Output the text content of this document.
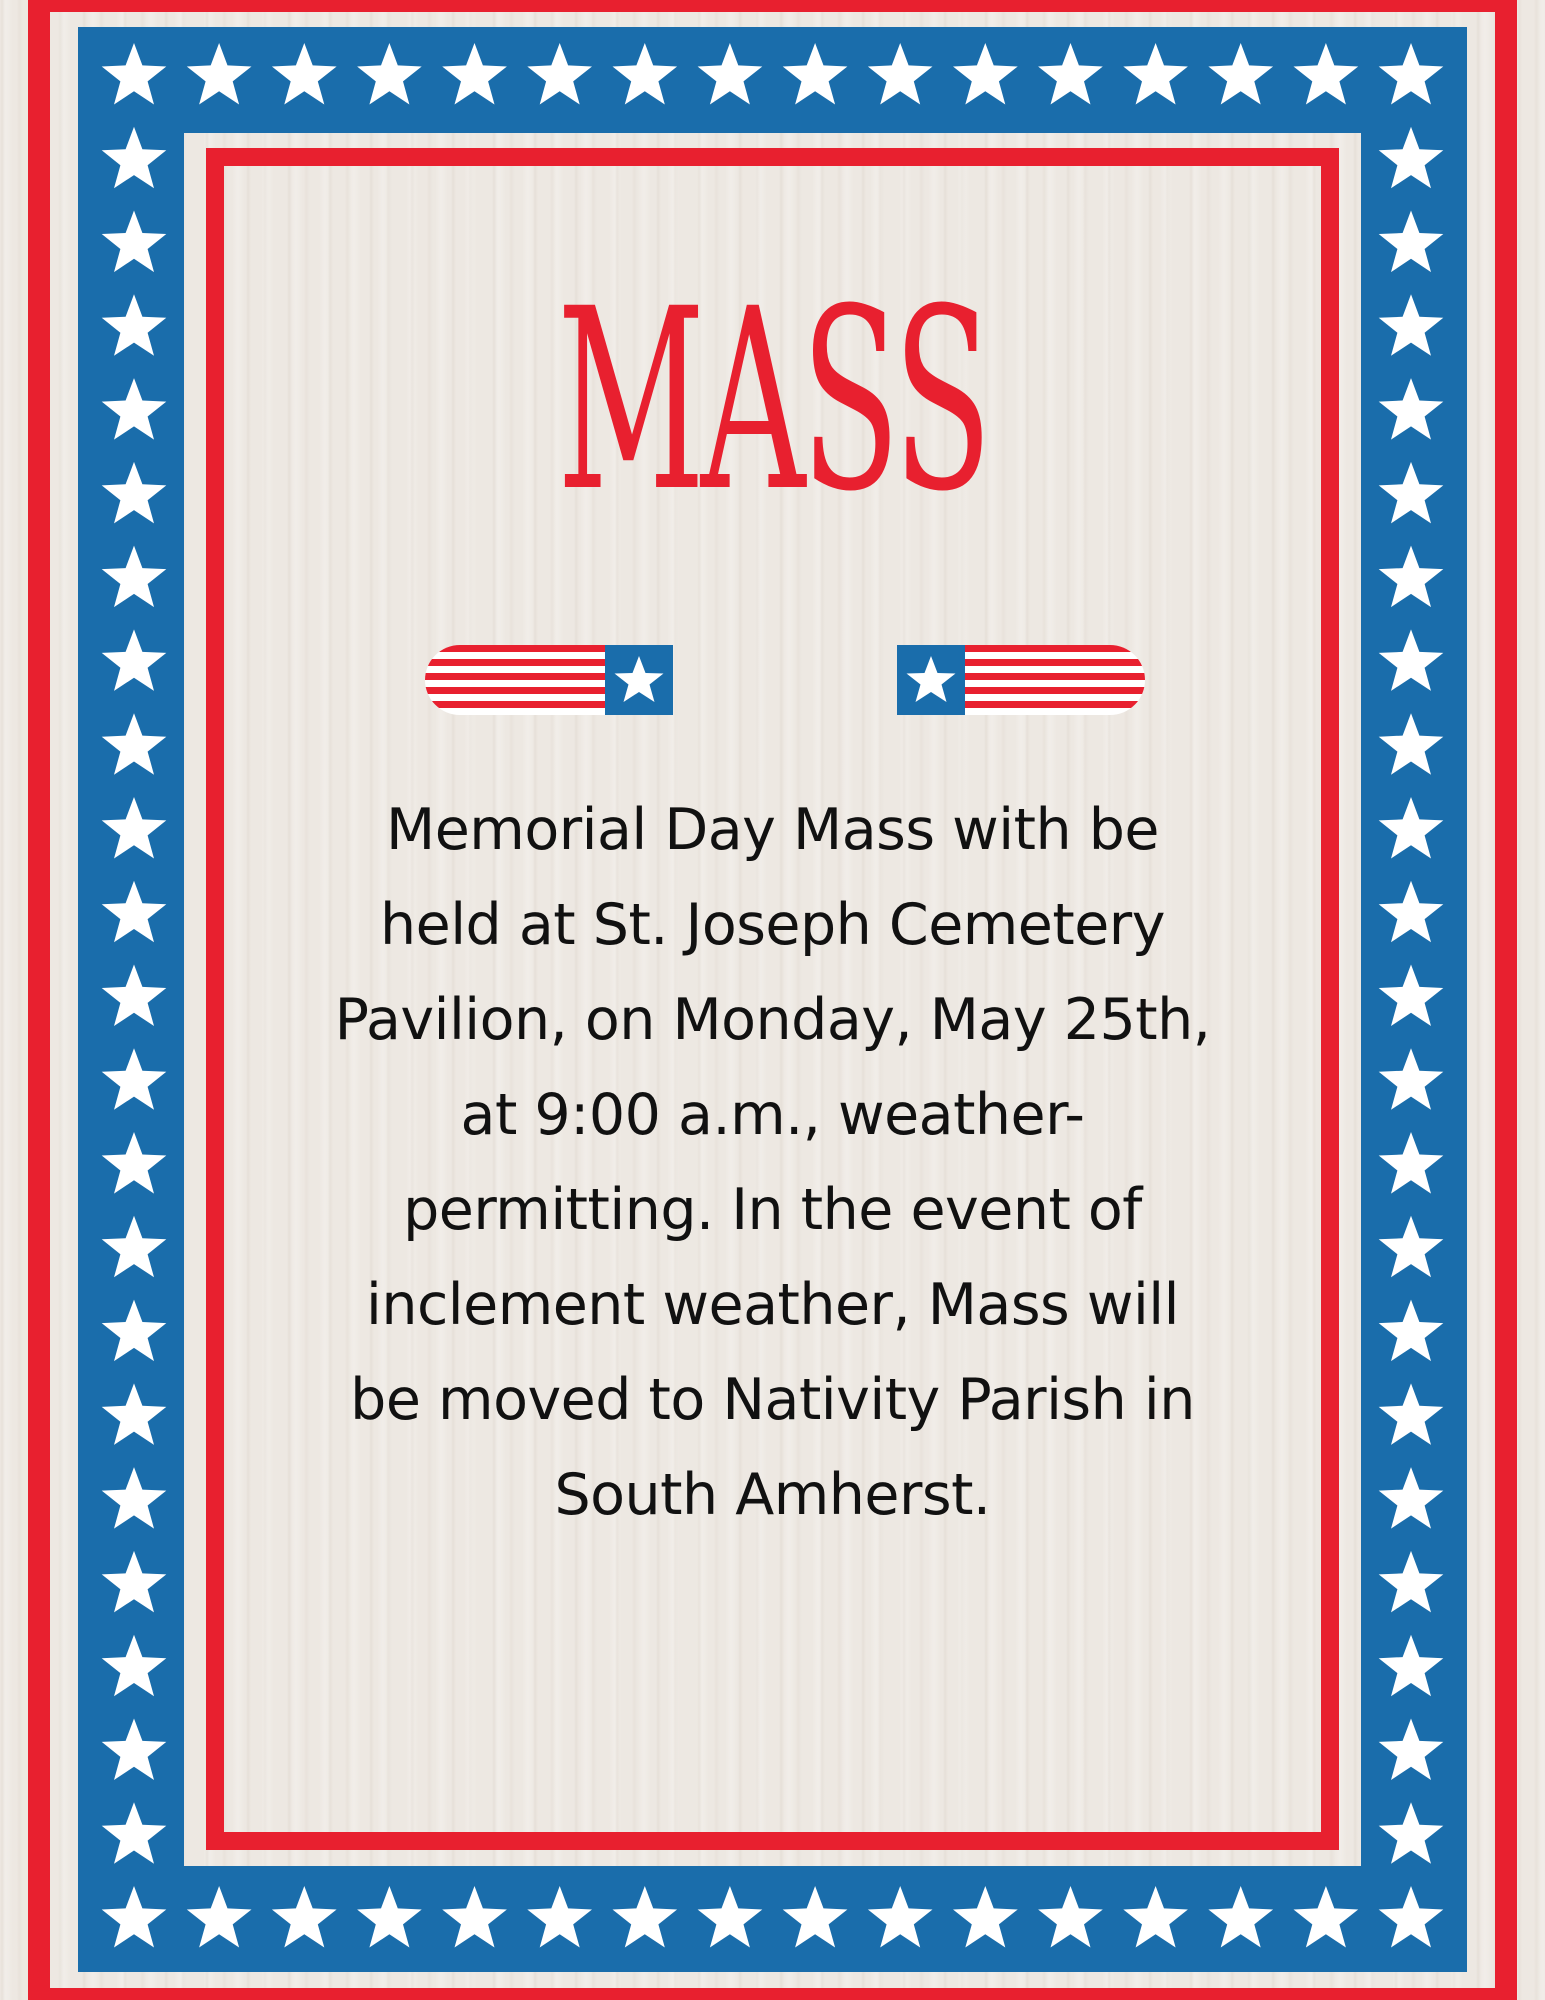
MASS
Memorial Day Mass with be held at St. Joseph Cemetery Pavilion, on Monday, May 25th, at 9:00 a.m., weather-permitting. In the event of inclement weather, Mass will be moved to Nativity Parish in South Amherst.
